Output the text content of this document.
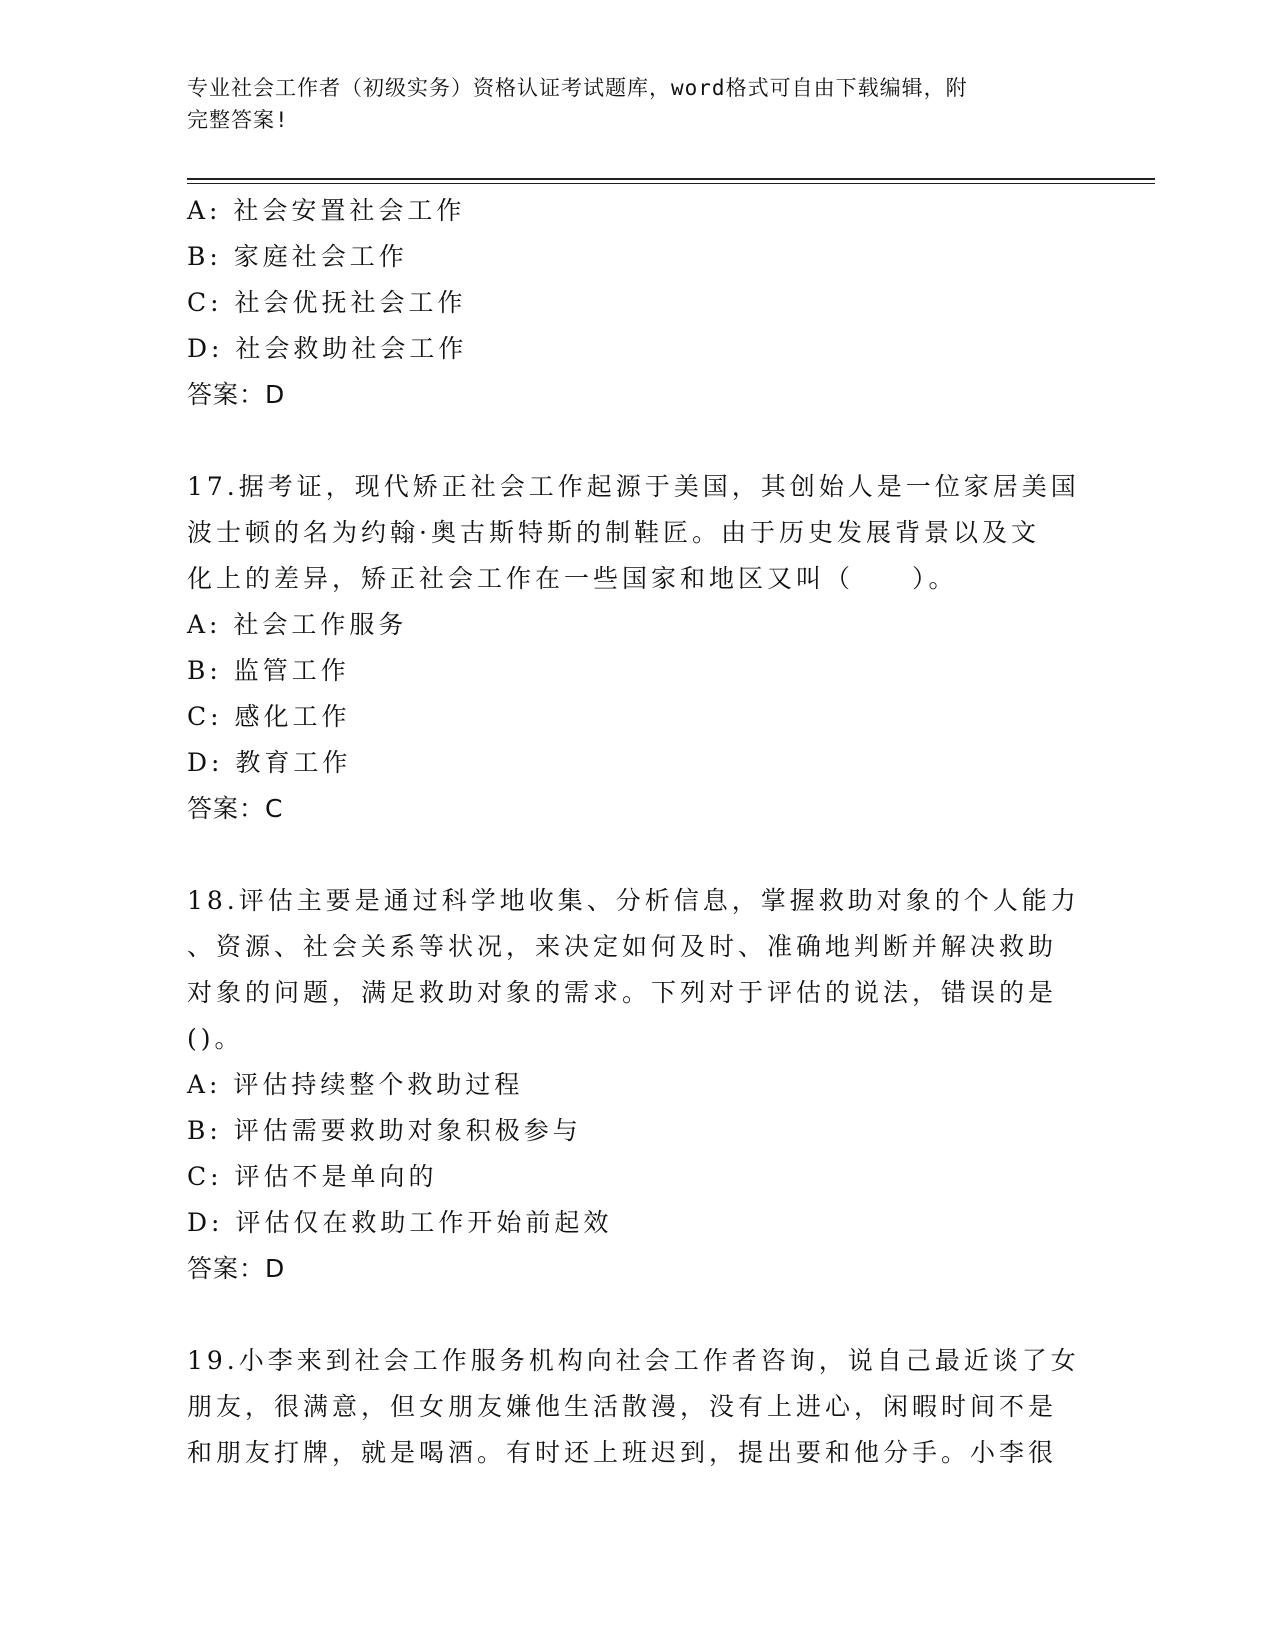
专业社会工作者（初级实务）资格认证考试题库，word格式可自由下载编辑，附
完整答案!
A: 社会安置社会工作
B: 家庭社会工作
C: 社会优抚社会工作
D: 社会救助社会工作
答案：D
17.据考证，现代矫正社会工作起源于美国，其创始人是一位家居美国
波士顿的名为约翰·奥古斯特斯的制鞋匠。由于历史发展背景以及文
化上的差异，矫正社会工作在一些国家和地区又叫（　　）。
A: 社会工作服务
B: 监管工作
C: 感化工作
D: 教育工作
答案：C
18.评估主要是通过科学地收集、分析信息，掌握救助对象的个人能力
、资源、社会关系等状况，来决定如何及时、准确地判断并解决救助
对象的问题，满足救助对象的需求。下列对于评估的说法，错误的是
()。
A: 评估持续整个救助过程
B: 评估需要救助对象积极参与
C: 评估不是单向的
D: 评估仅在救助工作开始前起效
答案：D
19.小李来到社会工作服务机构向社会工作者咨询，说自己最近谈了女
朋友，很满意，但女朋友嫌他生活散漫，没有上进心，闲暇时间不是
和朋友打牌，就是喝酒。有时还上班迟到，提出要和他分手。小李很
